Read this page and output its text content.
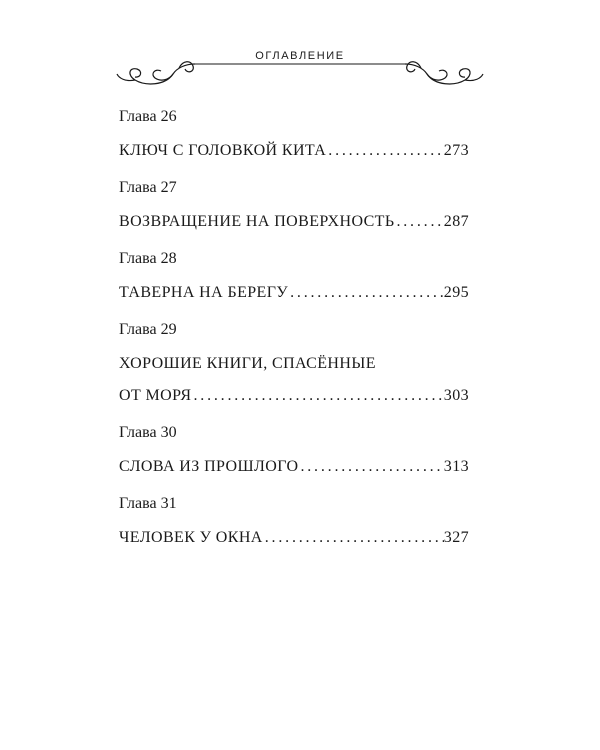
ОГЛАВЛЕНИЕ
Глава 26
КЛЮЧ С ГОЛОВКОЙ КИТА . . .	273
Глава 27
ВОЗВРАЩЕНИЕ НА ПОВЕРХНОСТЬ . . .	287
Глава 28
ТАВЕРНА НА БЕРЕГУ . . .	295
Глава 29
ХОРОШИЕ КНИГИ, СПАСЁННЫЕ
ОТ МОРЯ . . .	303
Глава 30
СЛОВА ИЗ ПРОШЛОГО . . .	313
Глава 31
ЧЕЛОВЕК У ОКНА . . .	327
